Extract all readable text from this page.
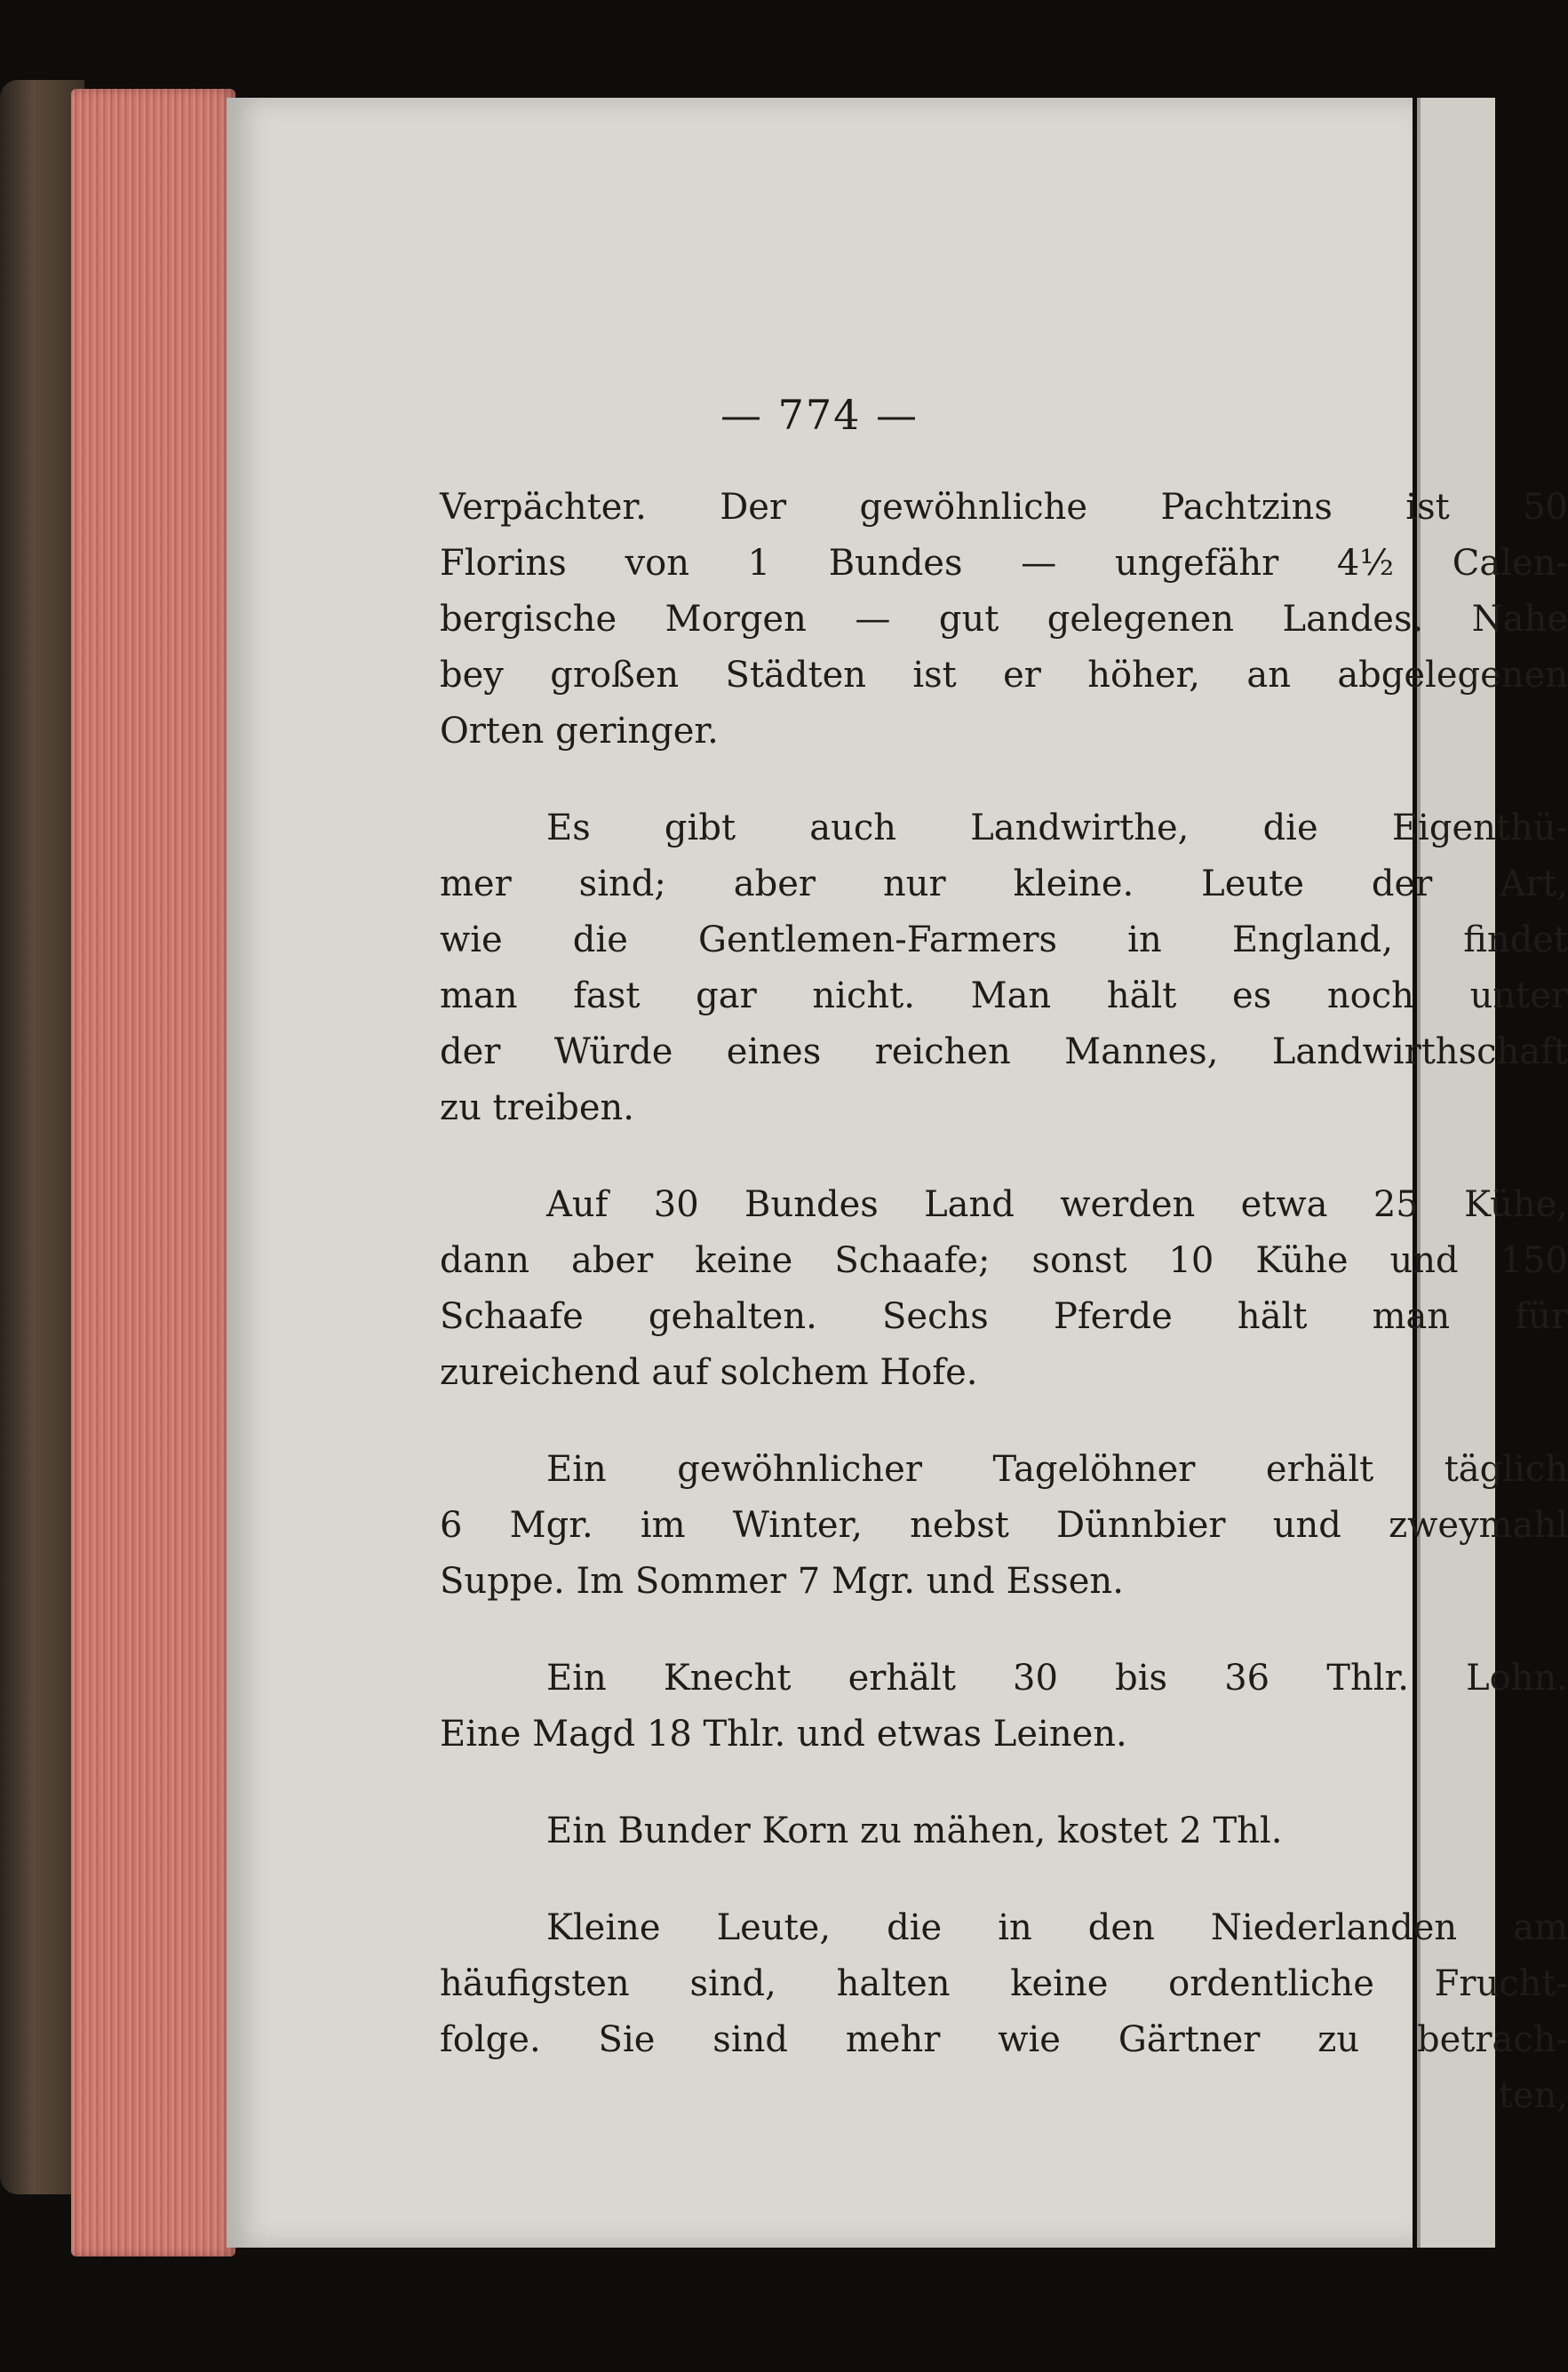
— 774 —

Verpächter. Der gewöhnliche Pachtzins ist 50
Florins von 1 Bundes — ungefähr 4½ Calen-
bergische Morgen — gut gelegenen Landes. Nahe
bey großen Städten ist er höher, an abgelegenen
Orten geringer.

Es gibt auch Landwirthe, die Eigenthü-
mer sind; aber nur kleine. Leute der Art,
wie die Gentlemen-Farmers in England, findet
man fast gar nicht. Man hält es noch unter
der Würde eines reichen Mannes, Landwirthschaft
zu treiben.

Auf 30 Bundes Land werden etwa 25 Kühe,
dann aber keine Schaafe; sonst 10 Kühe und 150
Schaafe gehalten. Sechs Pferde hält man für
zureichend auf solchem Hofe.

Ein gewöhnlicher Tagelöhner erhält täglich
6 Mgr. im Winter, nebst Dünnbier und zweymahl
Suppe. Im Sommer 7 Mgr. und Essen.

Ein Knecht erhält 30 bis 36 Thlr. Lohn.
Eine Magd 18 Thlr. und etwas Leinen.

Ein Bunder Korn zu mähen, kostet 2 Thl.

Kleine Leute, die in den Niederlanden am
häufigsten sind, halten keine ordentliche Frucht-
folge. Sie sind mehr wie Gärtner zu betrach-

ten,
